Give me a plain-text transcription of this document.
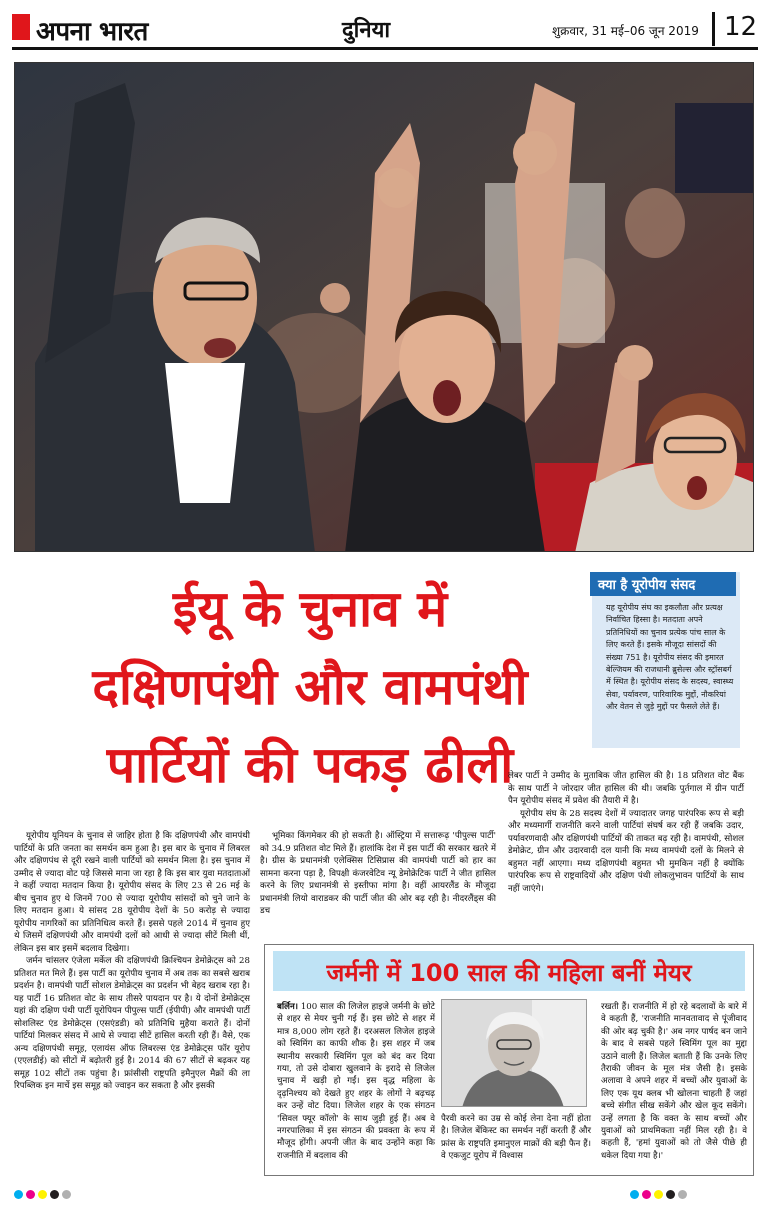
अपना भारत	दुनिया	शुक्रवार, 31 मई–06 जून 2019 12
ईयू के चुनाव में
दक्षिणपंथी और वामपंथी
पार्टियों की पकड़ ढीली
क्या है यूरोपीय संसद
यह यूरोपीय संघ का इकलौता और प्रत्यक्ष निर्वाचित हिस्सा है। मतदाता अपने प्रतिनिधियों का चुनाव प्रत्येक पांच साल के लिए करते हैं। इसके मौजूदा सांसदों की संख्या 751 है। यूरोपीय संसद की इमारत बेल्जियम की राजधानी ब्रुसेल्स और स्ट्रॉसबर्ग में स्थित है। यूरोपीय संसद के सदस्य, स्वास्थ्य सेवा, पर्यावरण, पारिवारिक मुद्दों, नौकरियां और वेतन से जुड़े मुद्दों पर फैसले लेते हैं।

यूरोपीय यूनियन के चुनाव से जाहिर होता है कि दक्षिणपंथी और वामपंथी पार्टियों के प्रति जनता का समर्थन कम हुआ है। इस बार के चुनाव में लिबरल और दक्षिणपंथ से दूरी रखने वाली पार्टियों को समर्थन मिला है। इस चुनाव में उम्मीद से ज्यादा वोट पड़े जिससे माना जा रहा है कि इस बार युवा मतदाताओं ने कहीं ज्यादा मतदान किया है। यूरोपीय संसद के लिए 23 से 26 मई के बीच चुनाव हुए थे जिनमें 700 से ज्यादा यूरोपीय सांसदों को चुने जाने के लिए मतदान हुआ। ये सांसद 28 यूरोपीय देशों के 50 करोड़ से ज्यादा यूरोपीय नागरिकों का प्रतिनिधित्व करते हैं। इससे पहले 2014 में चुनाव हुए थे जिसमें दक्षिणपंथी और वामपंथी दलों को आधी से ज्यादा सीटें मिली थीं, लेकिन इस बार इसमें बदलाव दिखेगा।

जर्मन चांसलर एंजेला मर्केल की दक्षिणपंथी क्रिश्चियन डेमोक्रेट्स को 28 प्रतिशत मत मिले हैं। इस पार्टी का यूरोपीय चुनाव में अब तक का सबसे खराब प्रदर्शन है। वामपंथी पार्टी सोशल डेमोक्रेट्स का प्रदर्शन भी बेहद खराब रहा है। यह पार्टी 16 प्रतिशत वोट के साथ तीसरे पायदान पर है। ये दोनों डेमोक्रेट्स यहां की दक्षिण पंथी पार्टी यूरोपियन पीपुल्स पार्टी (ईपीपी) और वामपंथी पार्टी सोशलिस्ट एंड डेमोक्रेट्स (एसएंडडी) को प्रतिनिधि मुहैया कराते हैं। दोनों पार्टियां मिलकर संसद में आधे से ज्यादा सीटें हासिल करती रही हैं। वैसे, एक अन्य दक्षिणपंथी समूह, एलायंस ऑफ लिबरल्स एंड डेमोक्रेट्स फॉर यूरोप (एएलडीई) को सीटों में बढ़ोतरी हुई है। 2014 की 67 सीटों से बढ़कर यह समूह 102 सीटों तक पहुंचा है। फ्रांसीसी राष्ट्रपति इमैनुएल मैक्रों की ला रिपब्लिक इन मार्चे इस समूह को ज्वाइन कर सकता है और इसकी

भूमिका किंगमेकर की हो सकती है। ऑस्ट्रिया में सत्तारूढ़ 'पीपुल्स पार्टी' को 34.9 प्रतिशत वोट मिले हैं। हालांकि देश में इस पार्टी की सरकार खतरे में है। ग्रीस के प्रधानमंत्री एलेक्सिस टिसिप्रास की वामपंथी पार्टी को हार का सामना करना पड़ा है, विपक्षी कंजरवेटिव न्यू डेमोक्रेटिक पार्टी ने जीत हासिल करने के लिए प्रधानमंत्री से इस्तीफा मांगा है। वहीं आयरलैंड के मौजूदा प्रधानमंत्री लियो वाराडकर की पार्टी जीत की ओर बढ़ रही है। नीदरलैंड्स की डच

लेबर पार्टी ने उम्मीद के मुताबिक जीत हासिल की है। 18 प्रतिशत वोट बैंक के साथ पार्टी ने जोरदार जीत हासिल की थी। जबकि पुर्तगाल में ग्रीन पार्टी पैन यूरोपीय संसद में प्रवेश की तैयारी में है।

यूरोपीय संघ के 28 सदस्य देशों में ज्यादातर जगह पारंपरिक रूप से बड़ी और मध्यमार्गी राजनीति करने वाली पार्टियां संघर्ष कर रही हैं जबकि उदार, पर्यावरणवादी और दक्षिणपंथी पार्टियों की ताकत बढ़ रही है। वामपंथी, सोशल डेमोक्रेट, ग्रीन और उदारवादी दल यानी कि मध्य वामपंथी दलों के मिलने से बहुमत नहीं आएगा। मध्य दक्षिणपंथी बहुमत भी मुमकिन नहीं है क्योंकि पारंपरिक रूप से राष्ट्रवादियों और दक्षिण पंथी लोकलुभावन पार्टियों के साथ नहीं जाएंगे।

जर्मनी में 100 साल की महिला बनीं मेयर
बर्लिन। 100 साल की लिजेल हाइजे जर्मनी के छोटे से शहर से मेयर चुनी गई हैं। इस छोटे से शहर में मात्र 8,000 लोग रहते हैं। दरअसल लिजेल हाइजे को स्विमिंग का काफी शौक है। इस शहर में जब स्थानीय सरकारी स्विमिंग पूल को बंद कर दिया गया, तो उसे दोबारा खुलवाने के इरादे से लिजेल चुनाव में खड़ी हो गईं। इस वृद्ध महिला के दृढ़निश्चय को देखते हुए शहर के लोगों ने बढ़चढ़ कर उन्हें वोट दिया। लिजेल शहर के एक संगठन 'सिवल फ्यूर कॉलो' के साथ जुड़ी हुई हैं। अब वे नगरपालिका में इस संगठन की प्रवक्ता के रूप में मौजूद होंगी। अपनी जीत के बाद उन्होंने कहा कि राजनीति में बदलाव की
पैरवी करने का उम्र से कोई लेना देना नहीं होता है। लिजेल बेंकिस्ट का समर्थन नहीं करती हैं और फ्रांस के राष्ट्रपति इमानुएल माक्रों की बड़ी फैन हैं। वे एकजुट यूरोप में विश्वास
रखती हैं। राजनीति में हो रहे बदलावों के बारे में वे कहती हैं, 'राजनीति मानवतावाद से पूंजीवाद की ओर बढ़ चुकी है।' अब नगर पार्षद बन जाने के बाद वे सबसे पहले स्विमिंग पूल का मुद्दा उठाने वाली हैं। लिजेल बताती हैं कि उनके लिए तैराकी जीवन के मूल मंत्र जैसी है। इसके अलावा वे अपने शहर में बच्चों और युवाओं के लिए एक यूथ क्लब भी खोलना चाहती हैं जहां बच्चे संगीत सीख सकेंगे और खेल कूद सकेंगे। उन्हें लगता है कि वक्त के साथ बच्चों और युवाओं को प्राथमिकता नहीं मिल रही है। वे कहती हैं, 'हमां युवाओं को तो जैसे पीछे ही धकेल दिया गया है।'
